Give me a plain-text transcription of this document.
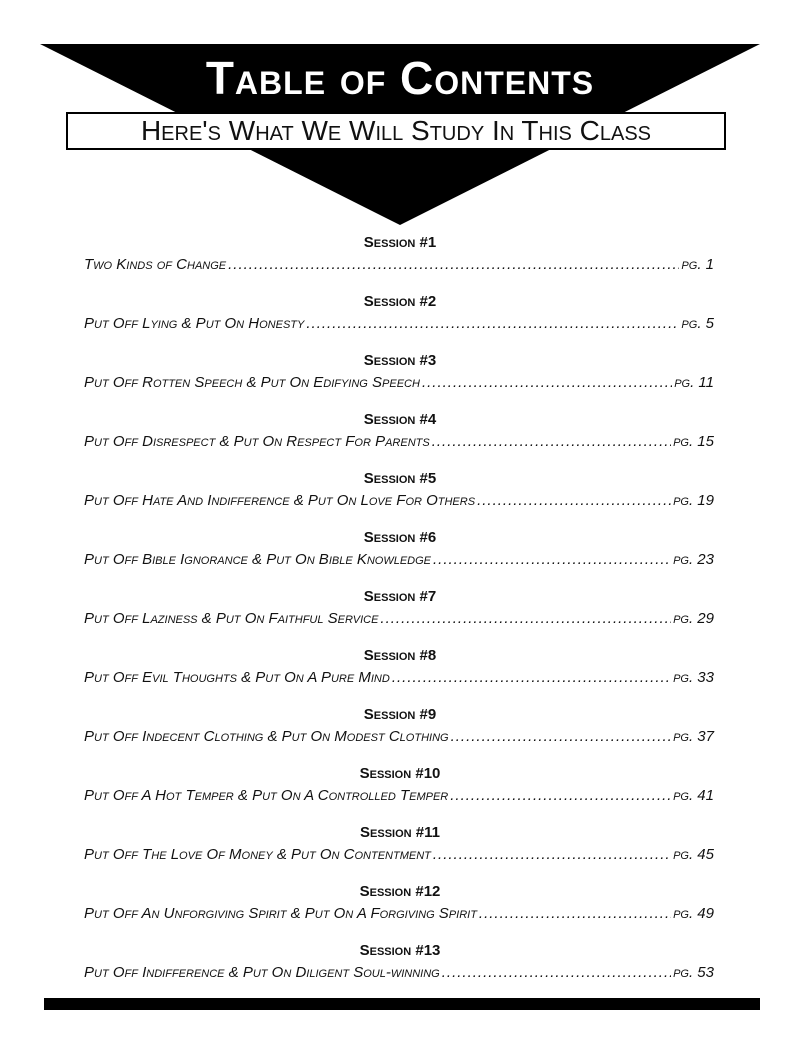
Table of Contents
Here's What We Will Study In This Class
Session #1
Two Kinds of Change .....	pg. 1
Session #2
Put Off Lying & Put On Honesty .....	pg. 5
Session #3
Put Off Rotten Speech & Put On Edifying Speech .....	pg. 11
Session #4
Put Off Disrespect & Put On Respect For Parents .....	pg. 15
Session #5
Put Off Hate And Indifference & Put On Love For Others .....	pg. 19
Session #6
Put Off Bible Ignorance & Put On Bible Knowledge .....	pg. 23
Session #7
Put Off Laziness & Put On Faithful Service .....	pg. 29
Session #8
Put Off Evil Thoughts & Put On A Pure Mind .....	pg. 33
Session #9
Put Off Indecent Clothing & Put On Modest Clothing .....	pg. 37
Session #10
Put Off A Hot Temper & Put On A Controlled Temper .....	pg. 41
Session #11
Put Off The Love Of Money & Put On Contentment .....	pg. 45
Session #12
Put Off An Unforgiving Spirit & Put On A Forgiving Spirit .....	pg. 49
Session #13
Put Off Indifference & Put On Diligent Soul-winning .....	pg. 53
